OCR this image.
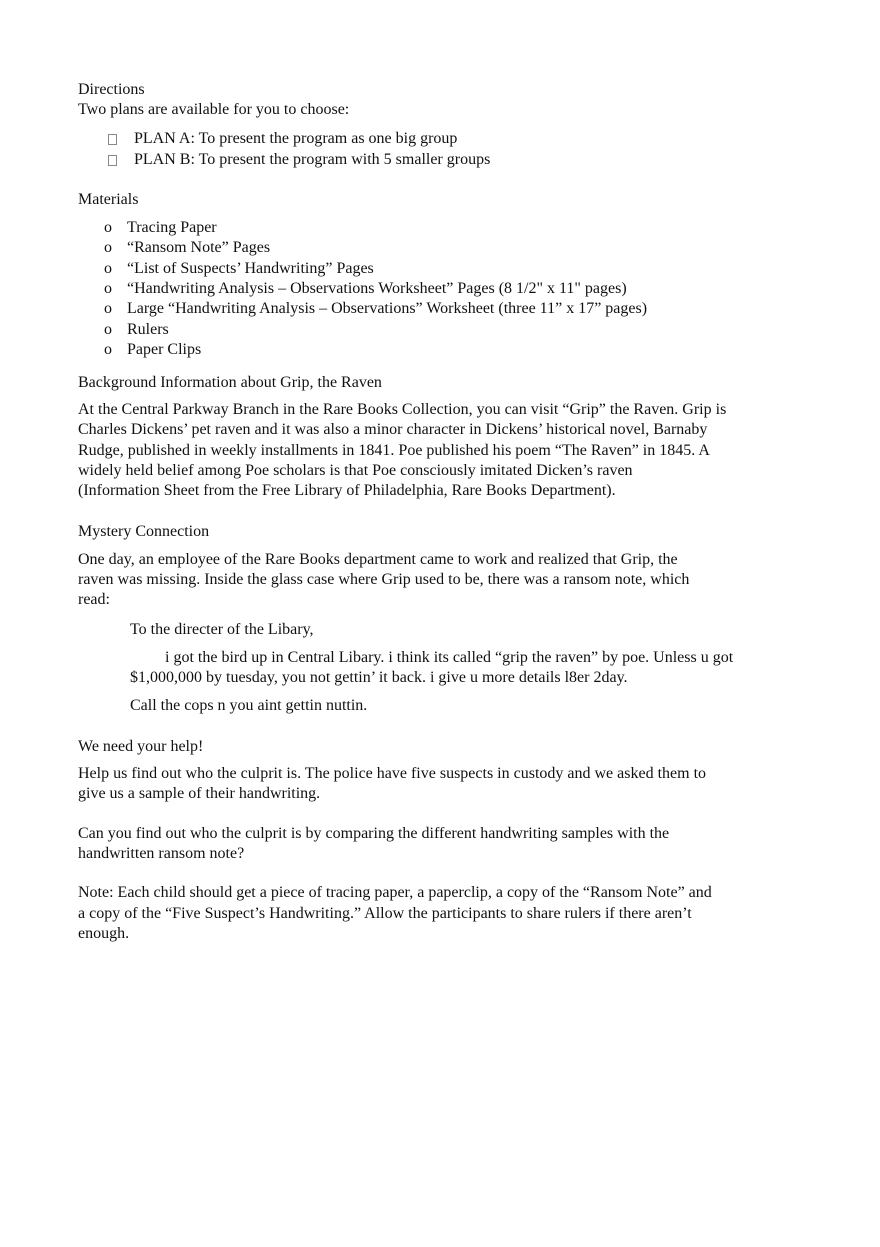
Directions

Two plans are available for you to choose:

PLAN A: To present the program as one big group
PLAN B: To present the program with 5 smaller groups

Materials

o Tracing Paper
o “Ransom Note” Pages
o “List of Suspects’ Handwriting” Pages
o “Handwriting Analysis – Observations Worksheet” Pages (8 1/2" x 11" pages)
o Large “Handwriting Analysis – Observations” Worksheet (three 11” x 17” pages)
o Rulers
o Paper Clips

Background Information about Grip, the Raven

At the Central Parkway Branch in the Rare Books Collection, you can visit “Grip” the Raven. Grip is

Charles Dickens’ pet raven and it was also a minor character in Dickens’ historical novel, Barnaby

Rudge, published in weekly installments in 1841. Poe published his poem “The Raven” in 1845. A

widely held belief among Poe scholars is that Poe consciously imitated Dicken’s raven

(Information Sheet from the Free Library of Philadelphia, Rare Books Department).

Mystery Connection

One day, an employee of the Rare Books department came to work and realized that Grip, the

raven was missing. Inside the glass case where Grip used to be, there was a ransom note, which

read:

To the directer of the Libary,

i got the bird up in Central Libary. i think its called “grip the raven” by poe. Unless u got

$1,000,000 by tuesday, you not gettin’ it back. i give u more details l8er 2day.

Call the cops n you aint gettin nuttin.

We need your help!

Help us find out who the culprit is. The police have five suspects in custody and we asked them to

give us a sample of their handwriting.

Can you find out who the culprit is by comparing the different handwriting samples with the

handwritten ransom note?

Note: Each child should get a piece of tracing paper, a paperclip, a copy of the “Ransom Note” and

a copy of the “Five Suspect’s Handwriting.” Allow the participants to share rulers if there aren’t

enough.
